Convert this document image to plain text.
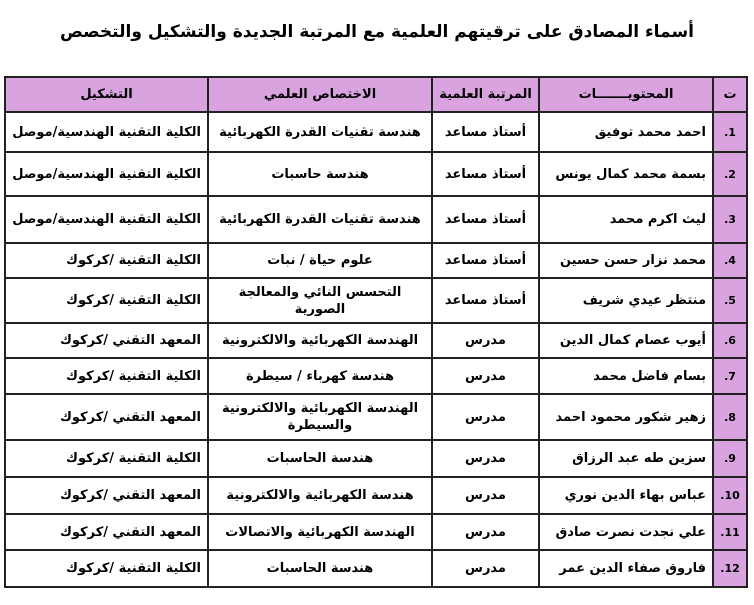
أسماء المصادق على ترقيتهم العلمية مع المرتبة الجديدة والتشكيل والتخصص
ت	المحتويـــــــات	المرتبة العلمية	الاختصاص العلمي	التشكيل
1.	احمد محمد توفيق	أستاذ مساعد	هندسة تقنيات القدرة الكهربائية	الكلية التقنية الهندسية/موصل
2.	بسمة محمد كمال يونس	أستاذ مساعد	هندسة حاسبات	الكلية التقنية الهندسية/موصل
3.	ليث اكرم محمد	أستاذ مساعد	هندسة تقنيات القدرة الكهربائية	الكلية التقنية الهندسية/موصل
4.	محمد نزار حسن حسين	أستاذ مساعد	علوم حياة / نبات	الكلية التقنية /كركوك
5.	منتظر عيدي شريف	أستاذ مساعد	التحسس النائي والمعالجة الصورية	الكلية التقنية /كركوك
6.	أيوب عصام كمال الدين	مدرس	الهندسة الكهربائية والالكترونية	المعهد التقني /كركوك
7.	بسام فاضل محمد	مدرس	هندسة كهرباء / سيطرة	الكلية التقنية /كركوك
8.	زهير شكور محمود احمد	مدرس	الهندسة الكهربائية والالكترونية والسيطرة	المعهد التقني /كركوك
9.	سزين طه عبد الرزاق	مدرس	هندسة الحاسبات	الكلية التقنية /كركوك
10.	عباس بهاء الدين نوري	مدرس	هندسة الكهربائية والالكترونية	المعهد التقني /كركوك
11.	علي نجدت نصرت صادق	مدرس	الهندسة الكهربائية والاتصالات	المعهد التقني /كركوك
12.	فاروق صفاء الدين عمر	مدرس	هندسة الحاسبات	الكلية التقنية /كركوك
